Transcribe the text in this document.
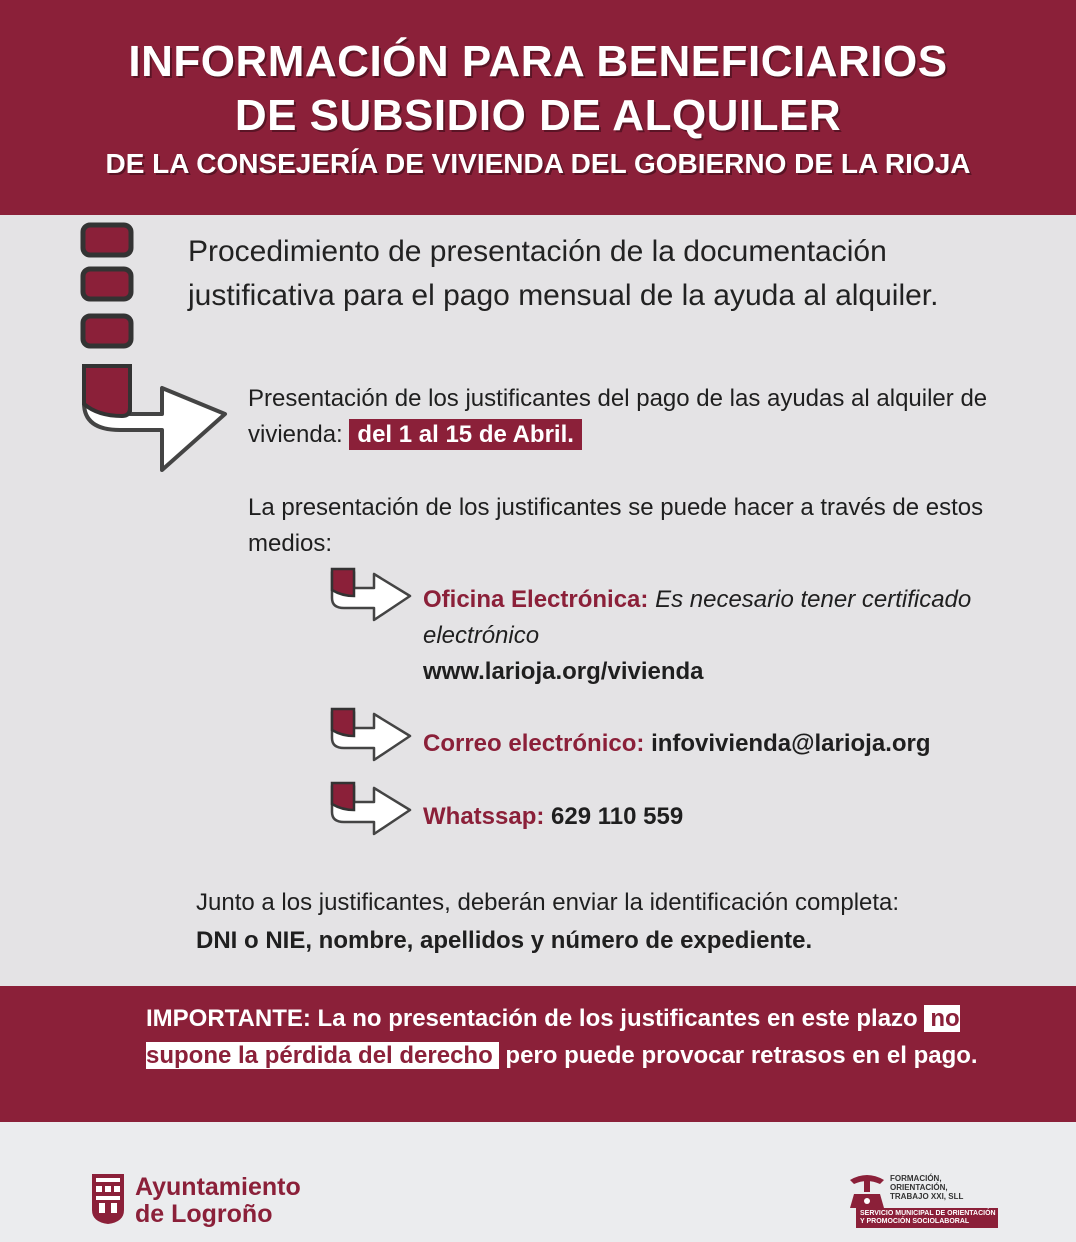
INFORMACIÓN PARA BENEFICIARIOS
DE SUBSIDIO DE ALQUILER
DE LA CONSEJERÍA DE VIVIENDA DEL GOBIERNO DE LA RIOJA
Procedimiento de presentación de la documentación justificativa para el pago mensual de la ayuda al alquiler.
Presentación de los justificantes del pago de las ayudas al alquiler de vivienda: del 1 al 15 de Abril.
La presentación de los justificantes se puede hacer a través de estos medios:
Oficina Electrónica: Es necesario tener certificado electrónico
www.larioja.org/vivienda
Correo electrónico: infovivienda@larioja.org
Whatssap: 629 110 559
Junto a los justificantes, deberán enviar la identificación completa:
DNI o NIE, nombre, apellidos y número de expediente.
IMPORTANTE: La no presentación de los justificantes en este plazo no supone la pérdida del derecho pero puede provocar retrasos en el pago.
Ayuntamiento
de Logroño
FORMACIÓN,
ORIENTACIÓN,
TRABAJO XXI, SLL
SERVICIO MUNICIPAL DE ORIENTACIÓN
Y PROMOCIÓN SOCIOLABORAL
